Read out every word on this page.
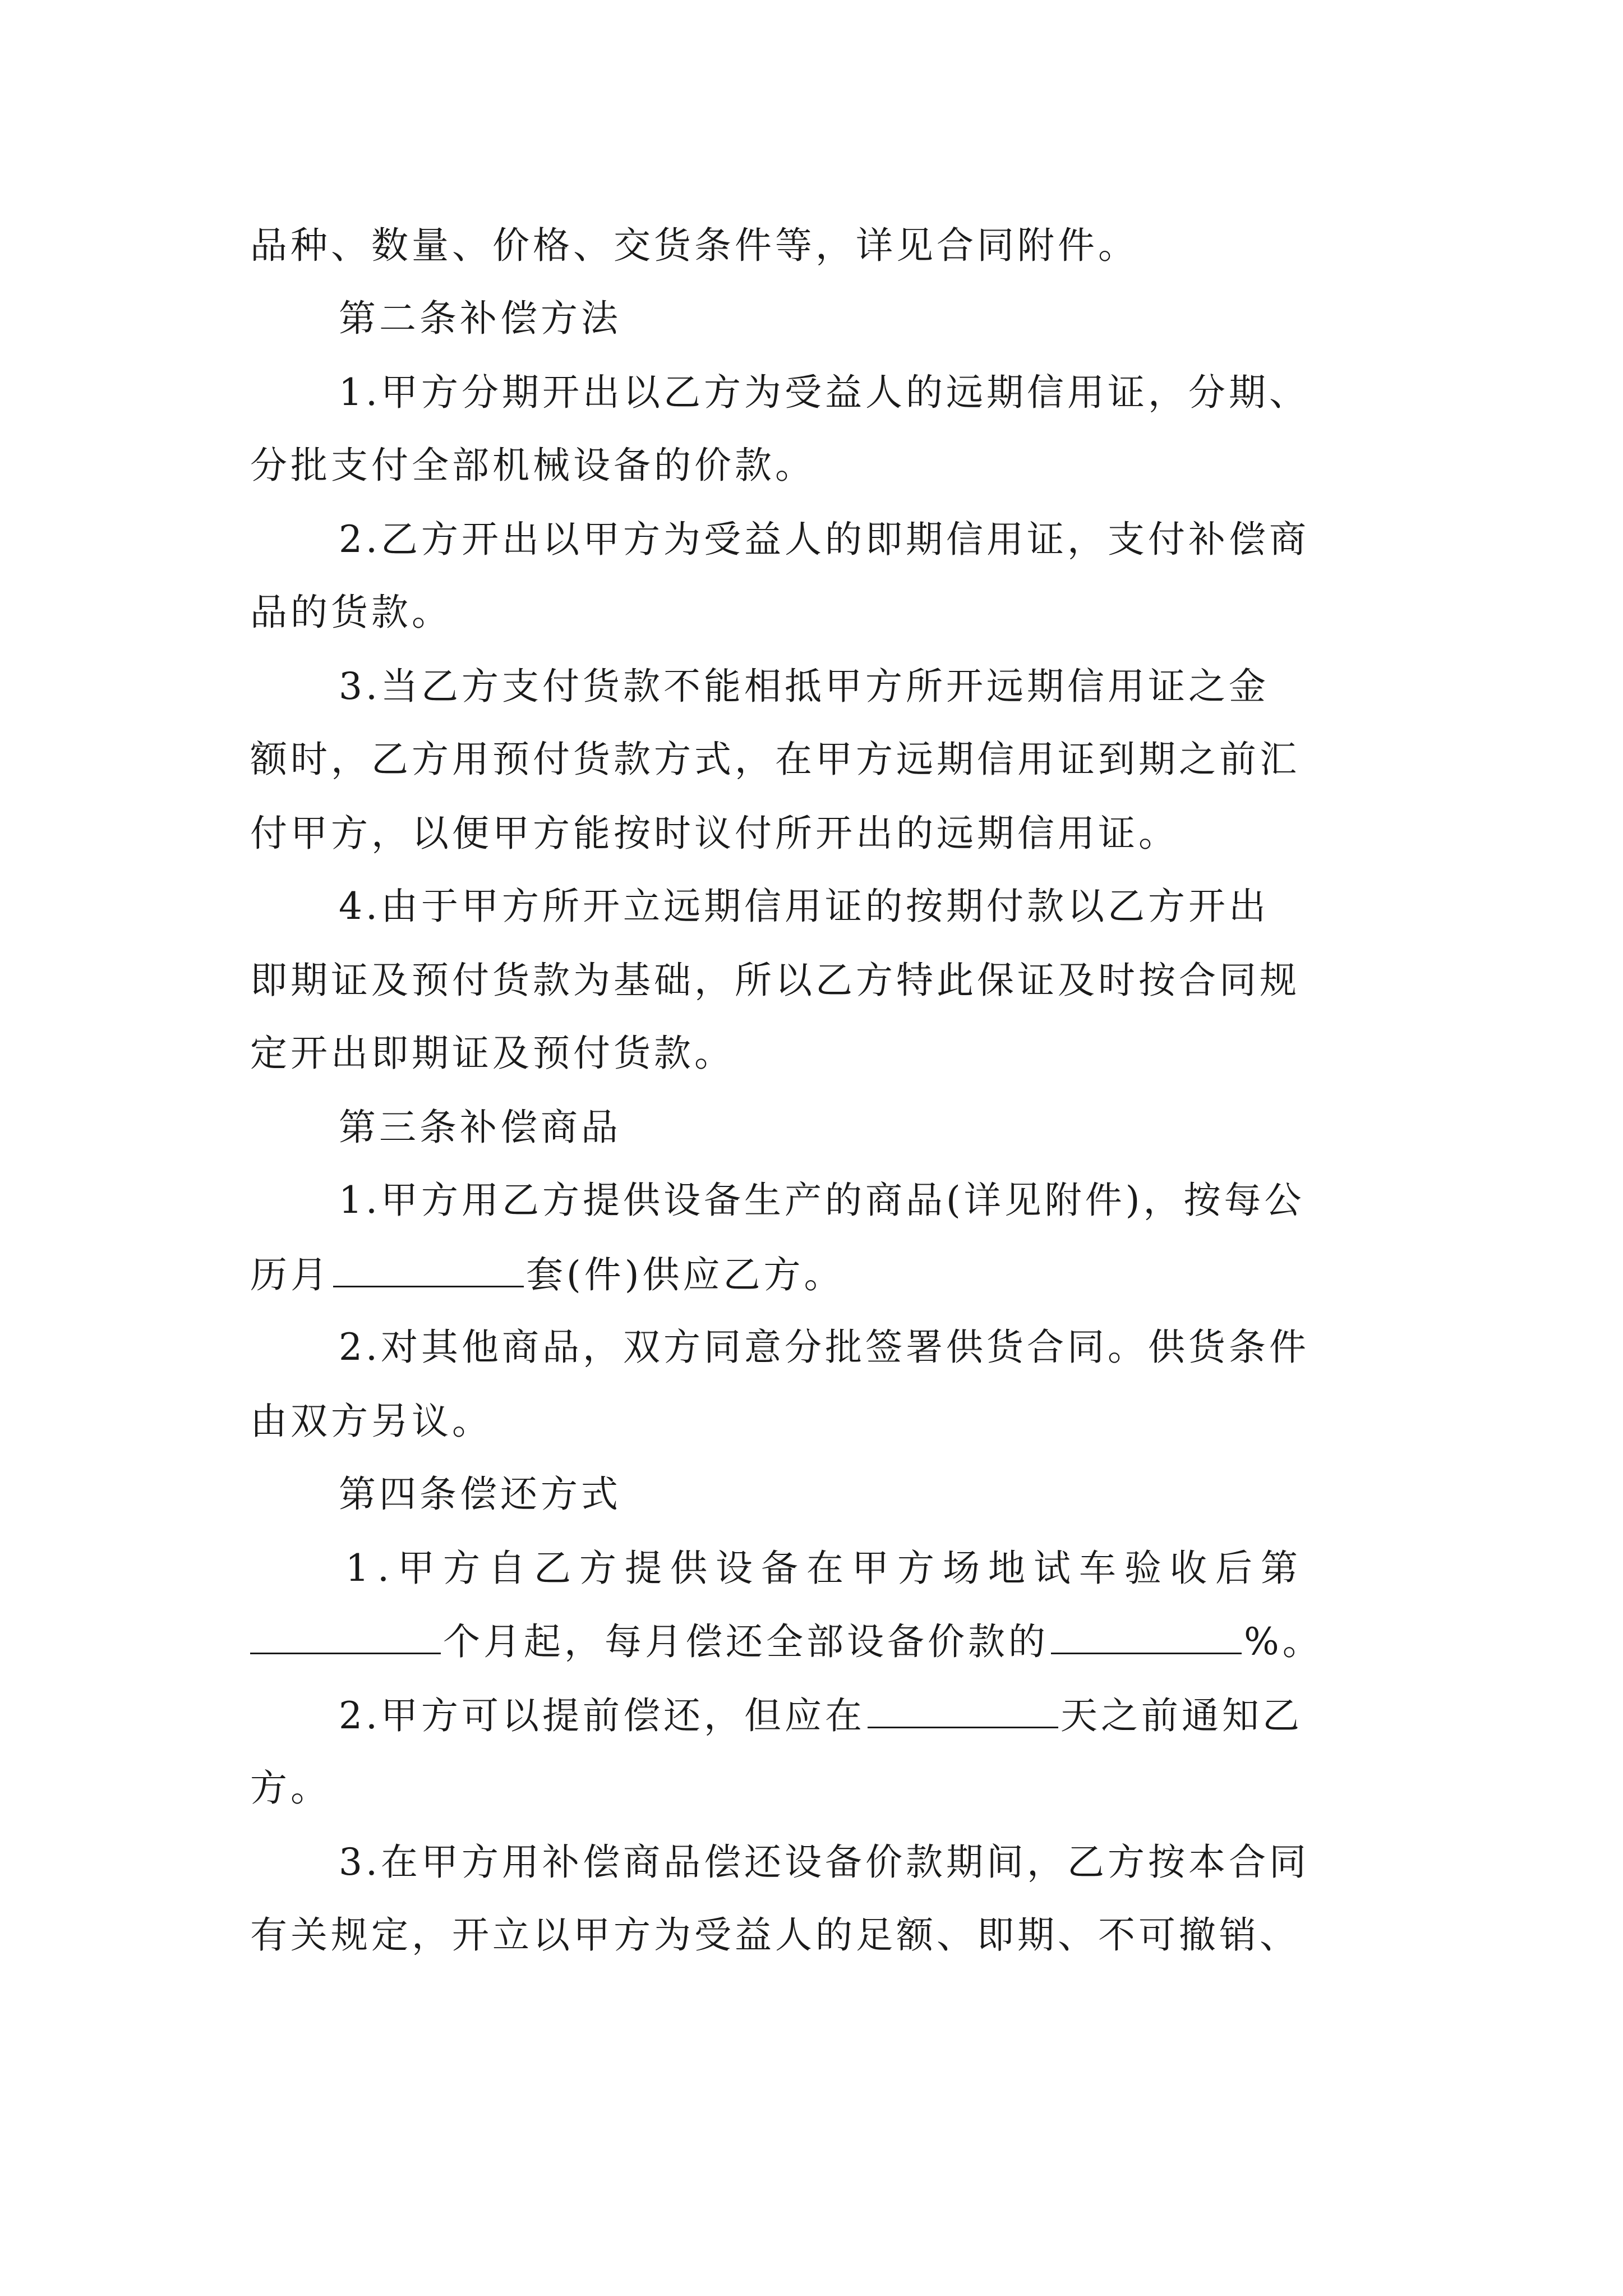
品种、数量、价格、交货条件等，详见合同附件。
第二条补偿方法
1.甲方分期开出以乙方为受益人的远期信用证，分期、
分批支付全部机械设备的价款。
2.乙方开出以甲方为受益人的即期信用证，支付补偿商
品的货款。
3.当乙方支付货款不能相抵甲方所开远期信用证之金
额时，乙方用预付货款方式，在甲方远期信用证到期之前汇
付甲方，以便甲方能按时议付所开出的远期信用证。
4.由于甲方所开立远期信用证的按期付款以乙方开出
即期证及预付货款为基础，所以乙方特此保证及时按合同规
定开出即期证及预付货款。
第三条补偿商品
1.甲方用乙方提供设备生产的商品(详见附件)，按每公
历月	套(件)供应乙方。
2.对其他商品，双方同意分批签署供货合同。供货条件
由双方另议。
第四条偿还方式
1.甲方自乙方提供设备在甲方场地试车验收后第
个月起，每月偿还全部设备价款的	%。
2.甲方可以提前偿还，但应在	天之前通知乙
方。
3.在甲方用补偿商品偿还设备价款期间，乙方按本合同
有关规定，开立以甲方为受益人的足额、即期、不可撤销、
